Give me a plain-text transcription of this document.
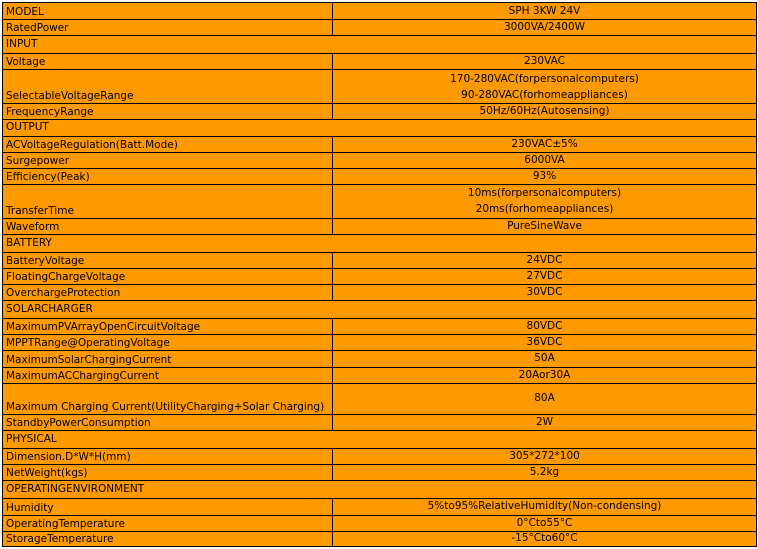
MODEL	SPH 3KW 24V
RatedPower	3000VA/2400W
INPUT	
Voltage	230VAC
SelectableVoltageRange	170-280VAC(forpersonalcomputers)
90-280VAC(forhomeappliances)

FrequencyRange	50Hz/60Hz(Autosensing)
OUTPUT	
ACVoltageRegulation(Batt.Mode)	230VAC±5%
Surgepower	6000VA
Efficiency(Peak)	93%
TransferTime	10ms(forpersonalcomputers)
20ms(forhomeappliances)

Waveform	PureSineWave
BATTERY	
BatteryVoltage	24VDC
FloatingChargeVoltage	27VDC
OverchargeProtection	30VDC
SOLARCHARGER	
MaximumPVArrayOpenCircuitVoltage	80VDC
MPPTRange@OperatingVoltage	36VDC
MaximumSolarChargingCurrent	50A
MaximumACChargingCurrent	20Aor30A
Maximum Charging Current(UtilityCharging+Solar Charging)	80A
StandbyPowerConsumption	2W
PHYSICAL	
Dimension.D*W*H(mm)	305*272*100
NetWeight(kgs)	5.2kg
OPERATINGENVIRONMENT	
Humidity	5%to95%RelativeHumidity(Non-condensing)
OperatingTemperature	0°Cto55°C
StorageTemperature	-15°Cto60°C
